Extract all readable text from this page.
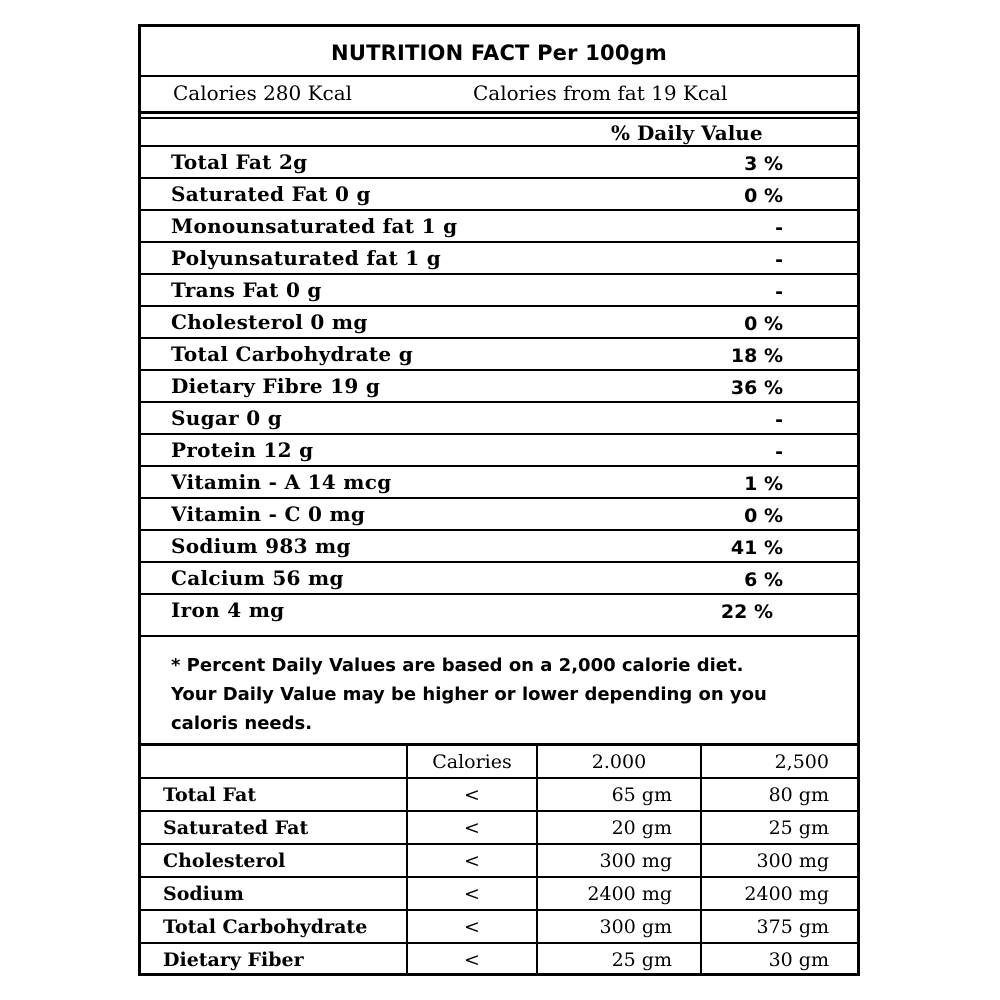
NUTRITION FACT Per 100gm
Calories 280 Kcal	Calories from fat 19 Kcal
% Daily Value
Total Fat 2g	3 %
Saturated Fat 0 g	0 %
Monounsaturated fat 1 g	-
Polyunsaturated fat 1 g	-
Trans Fat 0 g	-
Cholesterol 0 mg	0 %
Total Carbohydrate g	18 %
Dietary Fibre 19 g	36 %
Sugar 0 g	-
Protein 12 g	-
Vitamin - A 14 mcg	1 %
Vitamin - C 0 mg	0 %
Sodium 983 mg	41 %
Calcium 56 mg	6 %
Iron 4 mg	22 %
* Percent Daily Values are based on a 2,000 calorie diet.
Your Daily Value may be higher or lower depending on you
caloris needs.
	Calories	2.000	2,500
Total Fat	<	65 gm	80 gm
Saturated Fat	<	20 gm	25 gm
Cholesterol	<	300 mg	300 mg
Sodium	<	2400 mg	2400 mg
Total Carbohydrate	<	300 gm	375 gm
Dietary Fiber	<	25 gm	30 gm
